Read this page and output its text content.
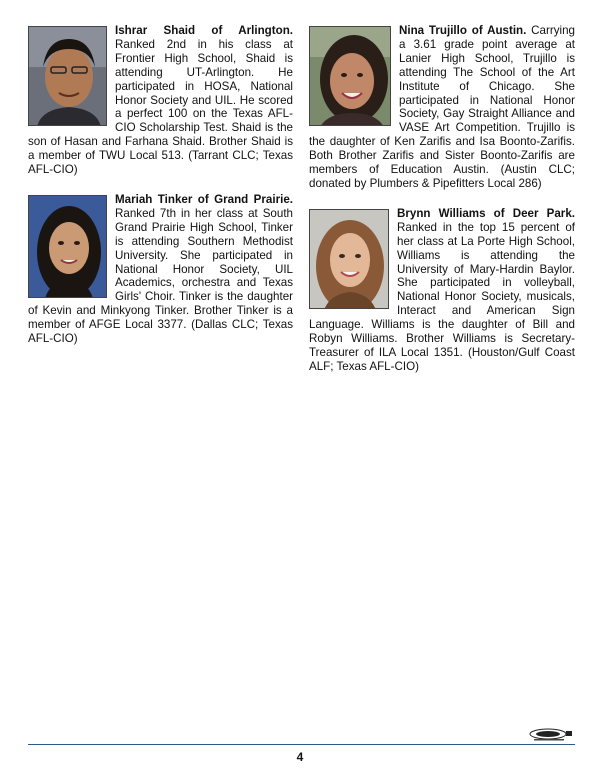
Ishrar Shaid of Arlington. Ranked 2nd in his class at Frontier High School, Shaid is attending UT-Arlington. He participated in HOSA, National Honor Society and UIL. He scored a perfect 100 on the Texas AFL-CIO Scholarship Test. Shaid is the son of Hasan and Farhana Shaid. Brother Shaid is a member of TWU Local 513. (Tarrant CLC; Texas AFL-CIO)

Mariah Tinker of Grand Prairie. Ranked 7th in her class at South Grand Prairie High School, Tinker is attending Southern Methodist University. She participated in National Honor Society, UIL Academics, orchestra and Texas Girls' Choir. Tinker is the daughter of Kevin and Minkyong Tinker. Brother Tinker is a member of AFGE Local 3377. (Dallas CLC; Texas AFL-CIO)

Nina Trujillo of Austin. Carrying a 3.61 grade point average at Lanier High School, Trujillo is attending The School of the Art Institute of Chicago. She participated in National Honor Society, Gay Straight Alliance and VASE Art Competition. Trujillo is the daughter of Ken Zarifis and Isa Boonto-Zarifis. Both Brother Zarifis and Sister Boonto-Zarifis are members of Education Austin. (Austin CLC; donated by Plumbers & Pipefitters Local 286)

Brynn Williams of Deer Park. Ranked in the top 15 percent of her class at La Porte High School, Williams is attending the University of Mary-Hardin Baylor. She participated in volleyball, National Honor Society, musicals, Interact and American Sign Language. Williams is the daughter of Bill and Robyn Williams. Brother Williams is Secretary-Treasurer of ILA Local 1351. (Houston/Gulf Coast ALF; Texas AFL-CIO)

4
